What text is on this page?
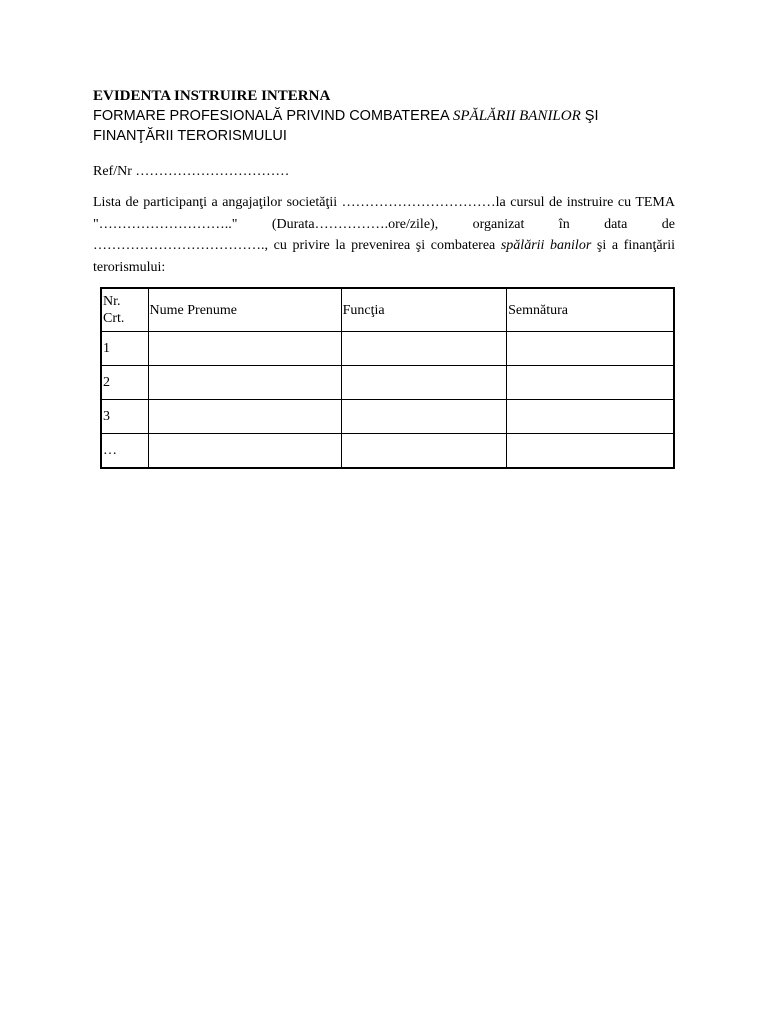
EVIDENTA INSTRUIRE INTERNA

FORMARE PROFESIONALĂ PRIVIND COMBATEREA SPĂLĂRII BANILOR ŞI
FINANŢĂRII TERORISMULUI

Ref/Nr ……………………………

Lista de participanţi a angajaţilor societăţii ……………………………la cursul de instruire cu TEMA "……………………….." (Durata…………….ore/zile), organizat în data de ………………………………., cu privire la prevenirea şi combaterea spălării banilor şi a finanţării terorismului:

Nr.
Crt.	Nume Prenume	Funcţia	Semnătura
1			
2			
3			
…			
